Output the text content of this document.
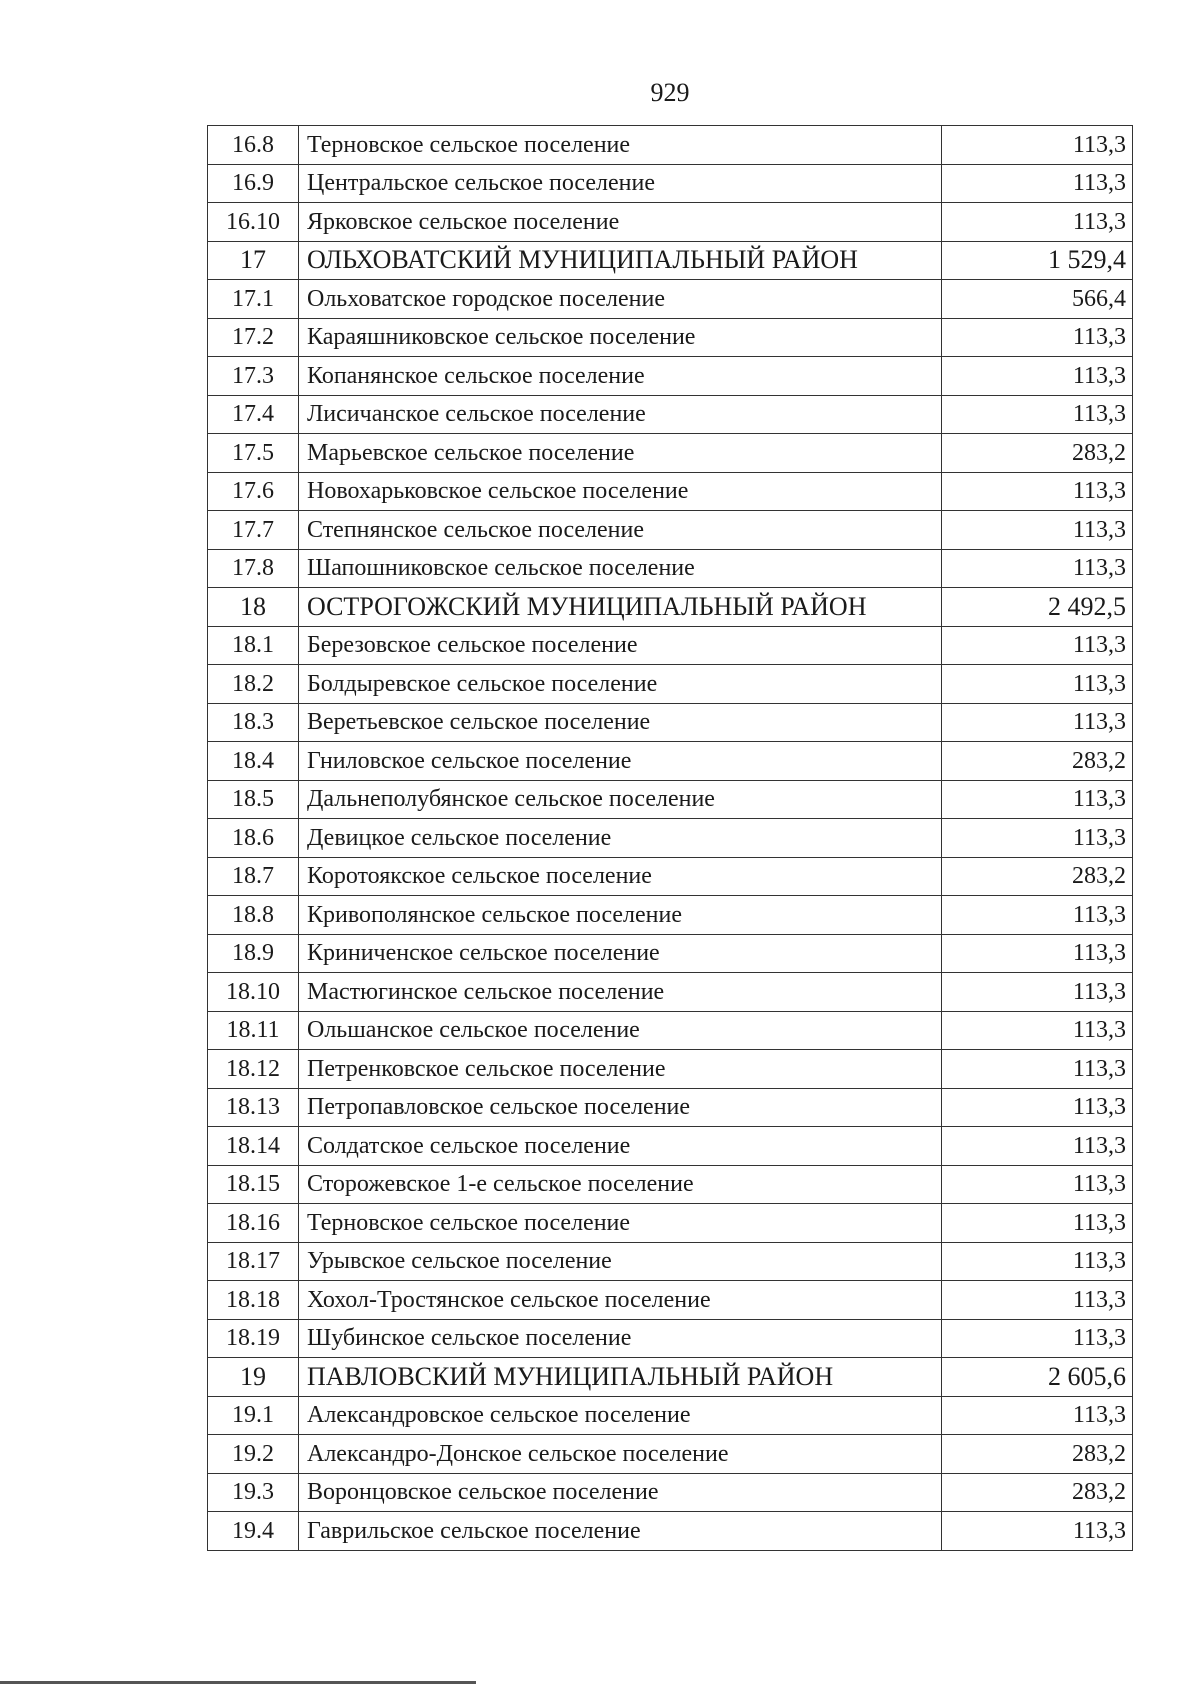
929
16.8	Терновское сельское поселение	113,3
16.9	Центральское сельское поселение	113,3
16.10	Ярковское сельское поселение	113,3
17	ОЛЬХОВАТСКИЙ МУНИЦИПАЛЬНЫЙ РАЙОН	1 529,4
17.1	Ольховатское городское поселение	566,4
17.2	Караяшниковское сельское поселение	113,3
17.3	Копанянское сельское поселение	113,3
17.4	Лисичанское сельское поселение	113,3
17.5	Марьевское сельское поселение	283,2
17.6	Новохарьковское сельское поселение	113,3
17.7	Степнянское сельское поселение	113,3
17.8	Шапошниковское сельское поселение	113,3
18	ОСТРОГОЖСКИЙ МУНИЦИПАЛЬНЫЙ РАЙОН	2 492,5
18.1	Березовское сельское поселение	113,3
18.2	Болдыревское сельское поселение	113,3
18.3	Веретьевское сельское поселение	113,3
18.4	Гниловское сельское поселение	283,2
18.5	Дальнеполубянское сельское поселение	113,3
18.6	Девицкое сельское поселение	113,3
18.7	Коротоякское сельское поселение	283,2
18.8	Кривополянское сельское поселение	113,3
18.9	Криниченское сельское поселение	113,3
18.10	Мастюгинское сельское поселение	113,3
18.11	Ольшанское сельское поселение	113,3
18.12	Петренковское сельское поселение	113,3
18.13	Петропавловское сельское поселение	113,3
18.14	Солдатское сельское поселение	113,3
18.15	Сторожевское 1-е сельское поселение	113,3
18.16	Терновское сельское поселение	113,3
18.17	Урывское сельское поселение	113,3
18.18	Хохол-Тростянское сельское поселение	113,3
18.19	Шубинское сельское поселение	113,3
19	ПАВЛОВСКИЙ МУНИЦИПАЛЬНЫЙ РАЙОН	2 605,6
19.1	Александровское сельское поселение	113,3
19.2	Александро-Донское сельское поселение	283,2
19.3	Воронцовское сельское поселение	283,2
19.4	Гаврильское сельское поселение	113,3
